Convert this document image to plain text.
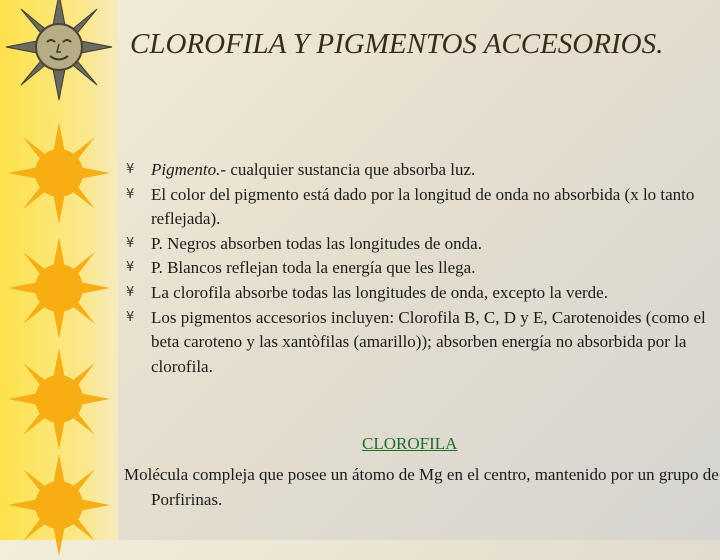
CLOROFILA Y PIGMENTOS ACCESORIOS.
¥ Pigmento.- cualquier sustancia que absorba luz.
¥ El color del pigmento está dado por la longitud de onda no absorbida (x lo tanto reflejada).
¥ P. Negros absorben todas las longitudes de onda.
¥ P. Blancos reflejan toda la energía que les llega.
¥ La clorofila absorbe todas las longitudes de onda, excepto la verde.
¥ Los pigmentos accesorios incluyen: Clorofila B, C, D y E, Carotenoides (como el beta caroteno y las xantòfilas (amarillo)); absorben energía no absorbida por la clorofila.
CLOROFILA
Molécula compleja que posee un átomo de Mg en el centro, mantenido por un grupo de Porfirinas.
